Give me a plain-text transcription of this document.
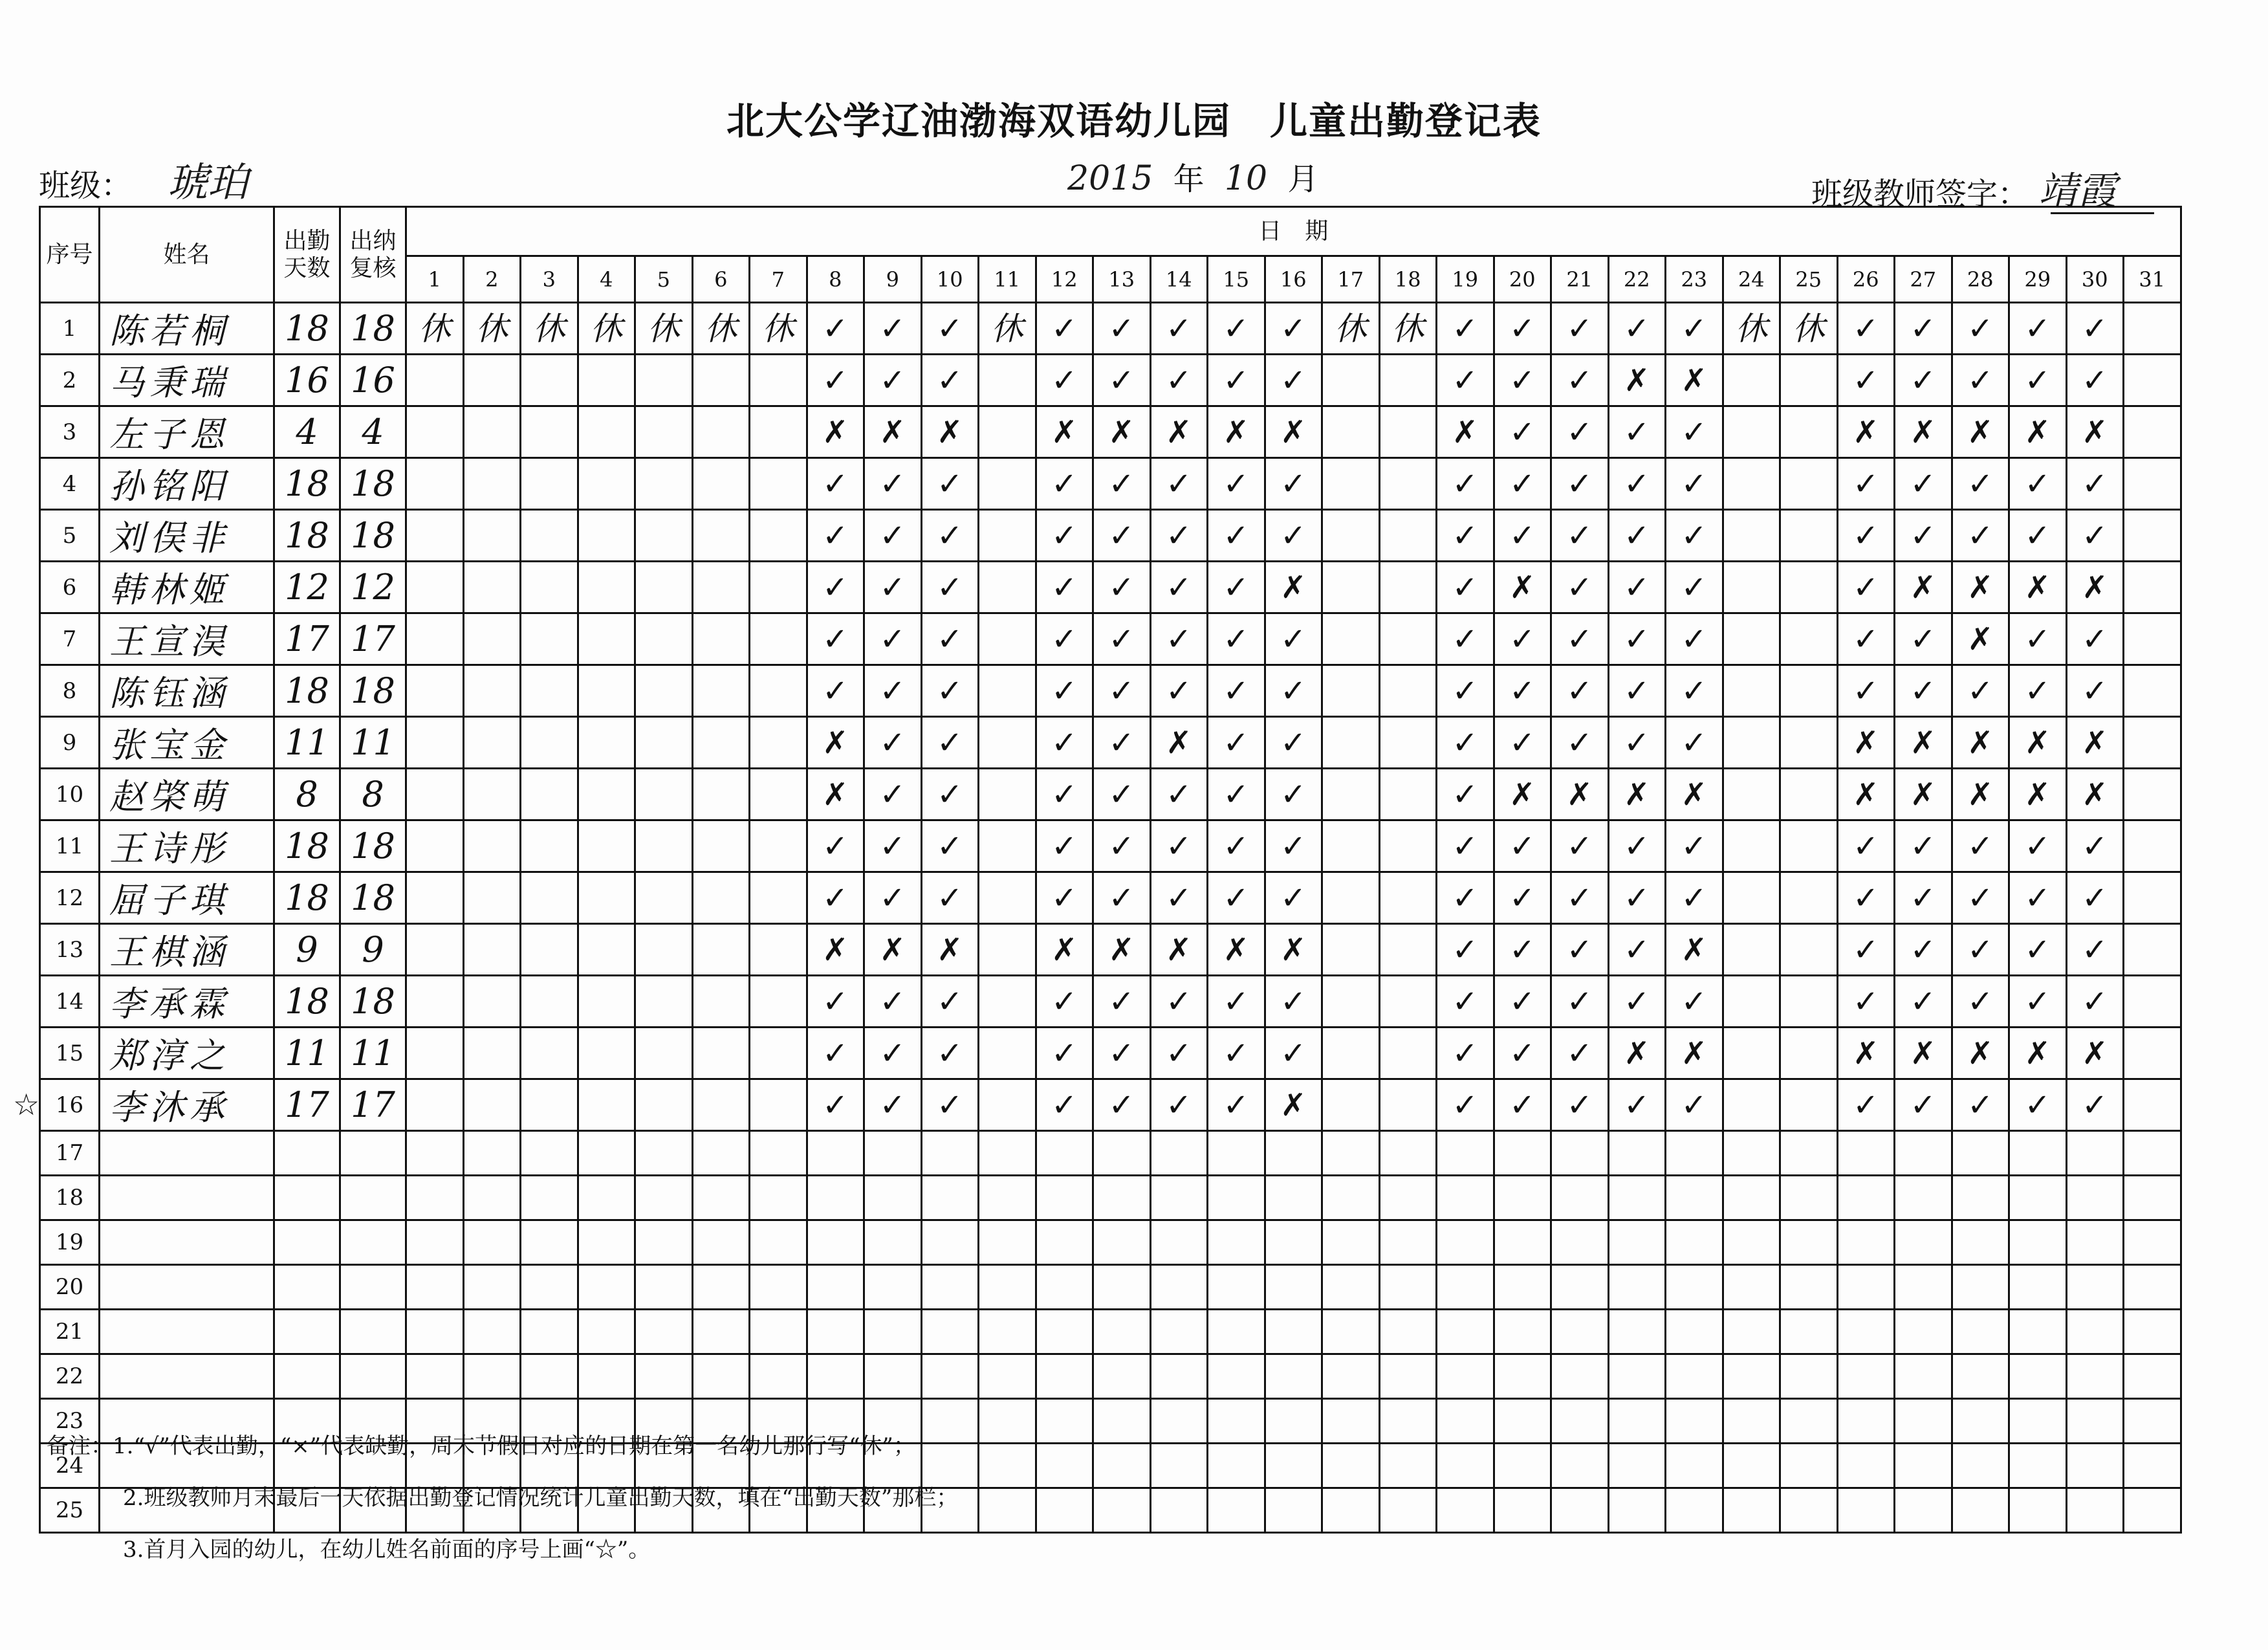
北大公学辽油渤海双语幼儿园 儿童出勤登记表
班级： 琥珀	2015 年 10 月	班级教师签字： 靖霞
序号	姓名	出勤天数	出纳复核	日　期																														
				1	2	3	4	5	6	7	8	9	10	11	12	13	14	15	16	17	18	19	20	21	22	23	24	25	26	27	28	29	30	31
1	陈若桐	18	18	休	休	休	休	休	休	休	✓	✓	✓	休	✓	✓	✓	✓	✓	休	休	✓	✓	✓	✓	✓	休	休	✓	✓	✓	✓	✓	
2	马秉瑞	16	16								✓	✓	✓		✓	✓	✓	✓	✓			✓	✓	✓	✗	✗			✓	✓	✓	✓	✓	
3	左子恩	4	4								✗	✗	✗		✗	✗	✗	✗	✗			✗	✓	✓	✓	✓			✗	✗	✗	✗	✗	
4	孙铭阳	18	18								✓	✓	✓		✓	✓	✓	✓	✓			✓	✓	✓	✓	✓			✓	✓	✓	✓	✓	
5	刘俣非	18	18								✓	✓	✓		✓	✓	✓	✓	✓			✓	✓	✓	✓	✓			✓	✓	✓	✓	✓	
6	韩林姬	12	12								✓	✓	✓		✓	✓	✓	✓	✗			✓	✗	✓	✓	✓			✓	✗	✗	✗	✗	
7	王宣淏	17	17								✓	✓	✓		✓	✓	✓	✓	✓			✓	✓	✓	✓	✓			✓	✓	✗	✓	✓	
8	陈钰涵	18	18								✓	✓	✓		✓	✓	✓	✓	✓			✓	✓	✓	✓	✓			✓	✓	✓	✓	✓	
9	张宝金	11	11								✗	✓	✓		✓	✓	✗	✓	✓			✓	✓	✓	✓	✓			✗	✗	✗	✗	✗	
10	赵棨萌	8	8								✗	✓	✓		✓	✓	✓	✓	✓			✓	✗	✗	✗	✗			✗	✗	✗	✗	✗	
11	王诗彤	18	18								✓	✓	✓		✓	✓	✓	✓	✓			✓	✓	✓	✓	✓			✓	✓	✓	✓	✓	
12	屈子琪	18	18								✓	✓	✓		✓	✓	✓	✓	✓			✓	✓	✓	✓	✓			✓	✓	✓	✓	✓	
13	王棋涵	9	9								✗	✗	✗		✗	✗	✗	✗	✗			✓	✓	✓	✓	✗			✓	✓	✓	✓	✓	
14	李承霖	18	18								✓	✓	✓		✓	✓	✓	✓	✓			✓	✓	✓	✓	✓			✓	✓	✓	✓	✓	
15	郑淳之	11	11								✓	✓	✓		✓	✓	✓	✓	✓			✓	✓	✓	✗	✗			✗	✗	✗	✗	✗	
16	李沐承	17	17								✓	✓	✓		✓	✓	✓	✓	✗			✓	✓	✓	✓	✓			✓	✓	✓	✓	✓	
17																																		
18																																		
19																																		
20																																		
21																																		
22																																		
23																																		
24																																		
25																																		
☆
备注：1.“√”代表出勤，“×”代表缺勤，周末节假日对应的日期在第一名幼儿那行写“休”；
2.班级教师月末最后一天依据出勤登记情况统计儿童出勤天数，填在“出勤天数”那栏；
3.首月入园的幼儿，在幼儿姓名前面的序号上画“☆”。
